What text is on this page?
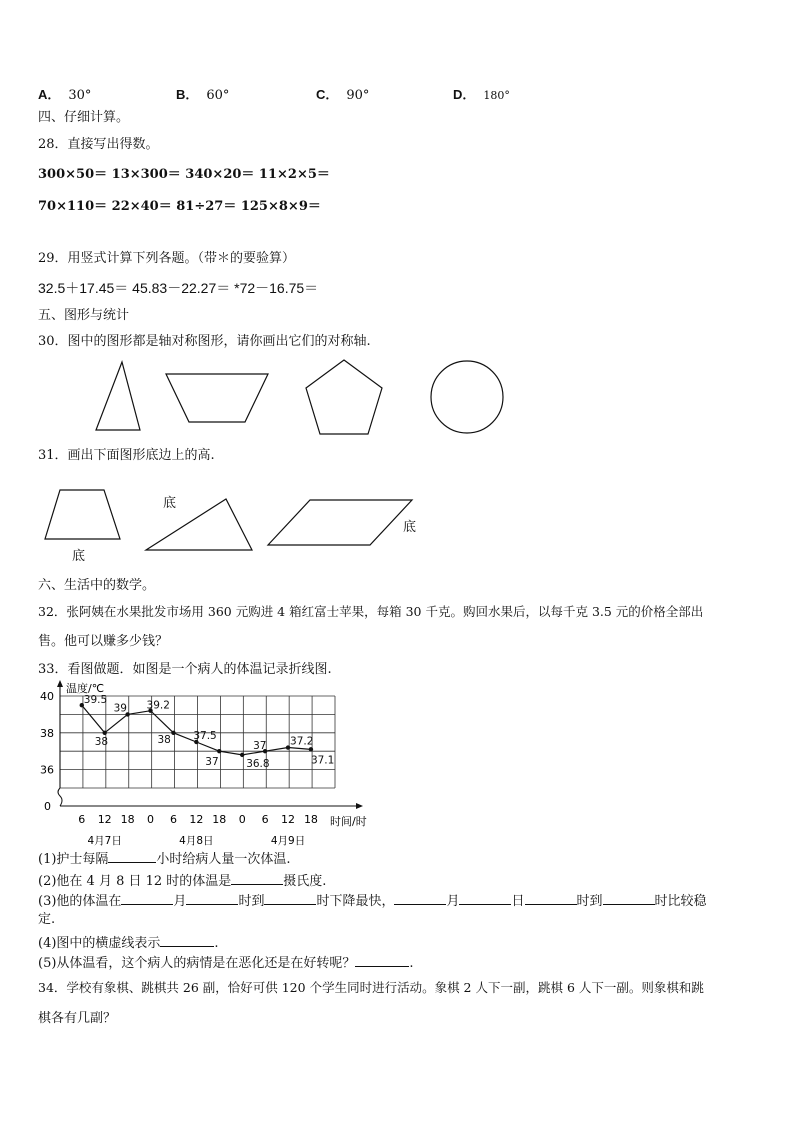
A． 30°	B． 60°	C． 90°	D． 180°
四、仔细计算。
28．直接写出得数。
300×50＝ 13×300＝ 340×20＝ 11×2×5＝
70×110＝ 22×40＝ 81÷27＝ 125×8×9＝
29．用竖式计算下列各题。（带＊的要验算）
32.5＋17.45＝ 45.83－22.27＝ *72－16.75＝
五、图形与统计
30．图中的图形都是轴对称图形，请你画出它们的对称轴.
31．画出下面图形底边上的高.
底
底
底
六、生活中的数学。
32．张阿姨在水果批发市场用 360 元购进 4 箱红富士苹果，每箱 30 千克。购回水果后，以每千克 3.5 元的价格全部出
售。他可以赚多少钱？
33．看图做题．如图是一个病人的体温记录折线图.
温度/℃
时间/时
40
38
36
0
6 12 18 0 6 12 18 0 6 12 18
4月7日	4月8日	4月9日
39.5
38
39 39.2
38 37.5
37	36.8
37 37.2
37.1
(1)护士每隔	小时给病人量一次体温.
(2)他在 4 月 8 日 12 时的体温是	摄氏度.
(3)他的体温在	月	时到	时下降最快，	月	日	时到	时比较稳
定.
(4)图中的横虚线表示	.
(5)从体温看，这个病人的病情是在恶化还是在好转呢？	.
34．学校有象棋、跳棋共 26 副，恰好可供 120 个学生同时进行活动。象棋 2 人下一副，跳棋 6 人下一副。则象棋和跳
棋各有几副？
